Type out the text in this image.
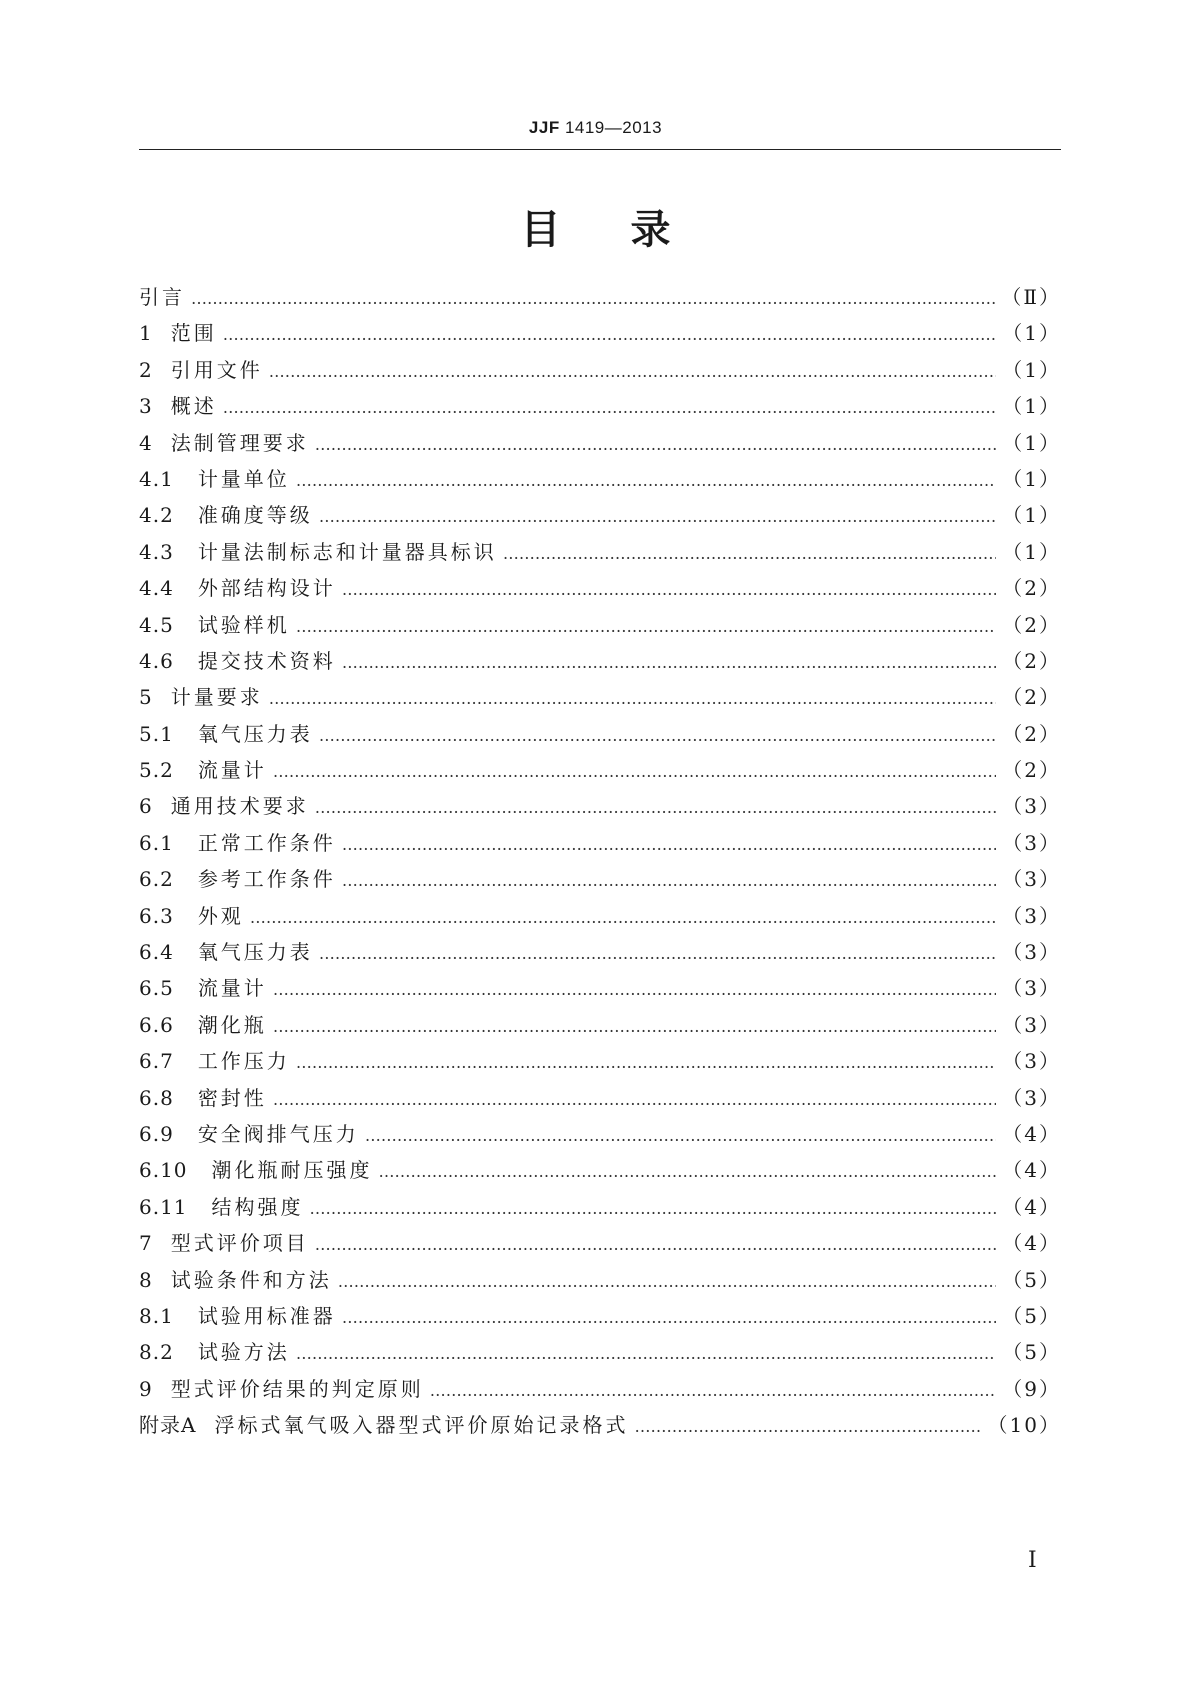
JJF 1419—2013
目 录
引言 …………………………………………………………………………………………………………………………………………………………………………………………………………	（Ⅱ）
1 范围 …………………………………………………………………………………………………………………………………………………………………………………………………………	（1）
2 引用文件 …………………………………………………………………………………………………………………………………………………………………………………………………………	（1）
3 概述 …………………………………………………………………………………………………………………………………………………………………………………………………………	（1）
4 法制管理要求 …………………………………………………………………………………………………………………………………………………………………………………………………………	（1）
4.1	计量单位 …………………………………………………………………………………………………………………………………………………………………………………………………………	（1）
4.2	准确度等级 …………………………………………………………………………………………………………………………………………………………………………………………………………	（1）
4.3	计量法制标志和计量器具标识 …………………………………………………………………………………………………………………………………………………………………………………………………………	（1）
4.4	外部结构设计 …………………………………………………………………………………………………………………………………………………………………………………………………………	（2）
4.5	试验样机 …………………………………………………………………………………………………………………………………………………………………………………………………………	（2）
4.6	提交技术资料 …………………………………………………………………………………………………………………………………………………………………………………………………………	（2）
5 计量要求 …………………………………………………………………………………………………………………………………………………………………………………………………………	（2）
5.1	氧气压力表 …………………………………………………………………………………………………………………………………………………………………………………………………………	（2）
5.2	流量计 …………………………………………………………………………………………………………………………………………………………………………………………………………	（2）
6 通用技术要求 …………………………………………………………………………………………………………………………………………………………………………………………………………	（3）
6.1	正常工作条件 …………………………………………………………………………………………………………………………………………………………………………………………………………	（3）
6.2	参考工作条件 …………………………………………………………………………………………………………………………………………………………………………………………………………	（3）
6.3	外观 …………………………………………………………………………………………………………………………………………………………………………………………………………	（3）
6.4	氧气压力表 …………………………………………………………………………………………………………………………………………………………………………………………………………	（3）
6.5	流量计 …………………………………………………………………………………………………………………………………………………………………………………………………………	（3）
6.6	潮化瓶 …………………………………………………………………………………………………………………………………………………………………………………………………………	（3）
6.7	工作压力 …………………………………………………………………………………………………………………………………………………………………………………………………………	（3）
6.8	密封性 …………………………………………………………………………………………………………………………………………………………………………………………………………	（3）
6.9	安全阀排气压力 …………………………………………………………………………………………………………………………………………………………………………………………………………	（4）
6.10	潮化瓶耐压强度 …………………………………………………………………………………………………………………………………………………………………………………………………………	（4）
6.11	结构强度 …………………………………………………………………………………………………………………………………………………………………………………………………………	（4）
7 型式评价项目 …………………………………………………………………………………………………………………………………………………………………………………………………………	（4）
8 试验条件和方法 …………………………………………………………………………………………………………………………………………………………………………………………………………	（5）
8.1	试验用标准器 …………………………………………………………………………………………………………………………………………………………………………………………………………	（5）
8.2	试验方法 …………………………………………………………………………………………………………………………………………………………………………………………………………	（5）
9 型式评价结果的判定原则 …………………………………………………………………………………………………………………………………………………………………………………………………………	（9）
附录A 浮标式氧气吸入器型式评价原始记录格式 …………………………………………………………………………………………………………………………………………………………………………………………………………	（10）
I
